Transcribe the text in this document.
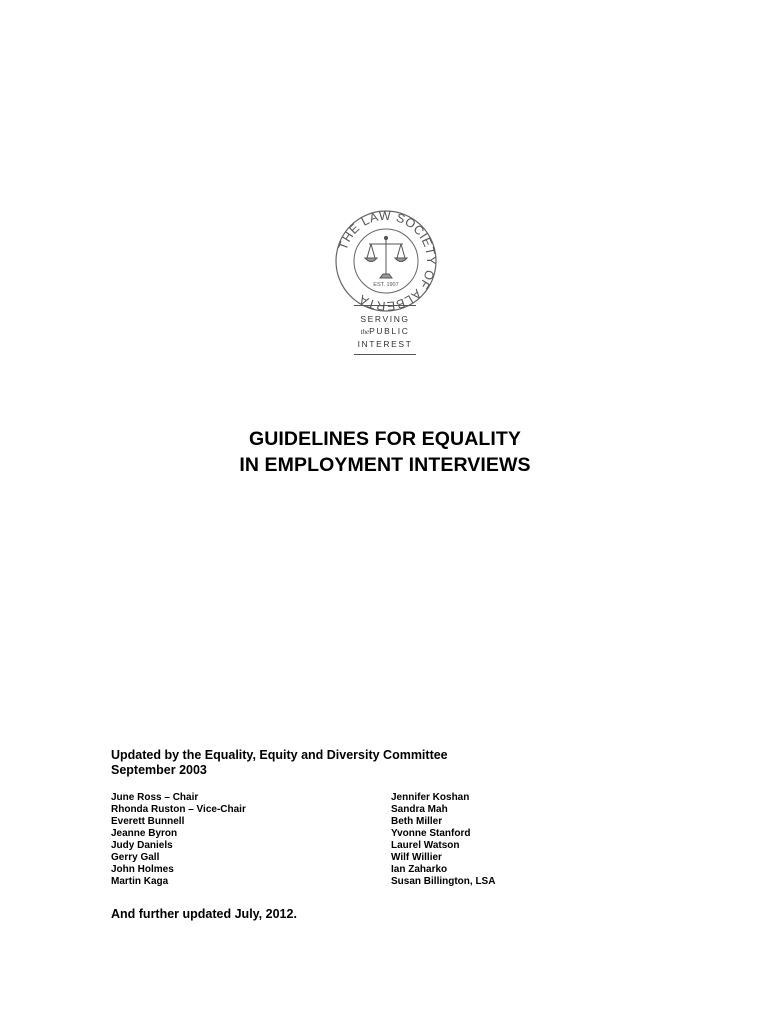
THE LAW SOCIETY OF ALBERTA
EST. 1907
SERVING
thePUBLIC
INTEREST
GUIDELINES FOR EQUALITY
IN EMPLOYMENT INTERVIEWS
Updated by the Equality, Equity and Diversity Committee
September 2003
June Ross – Chair
Rhonda Ruston – Vice-Chair
Everett Bunnell
Jeanne Byron
Judy Daniels
Gerry Gall
John Holmes
Martin Kaga
Jennifer Koshan
Sandra Mah
Beth Miller
Yvonne Stanford
Laurel Watson
Wilf Willier
Ian Zaharko
Susan Billington, LSA
And further updated July, 2012.
